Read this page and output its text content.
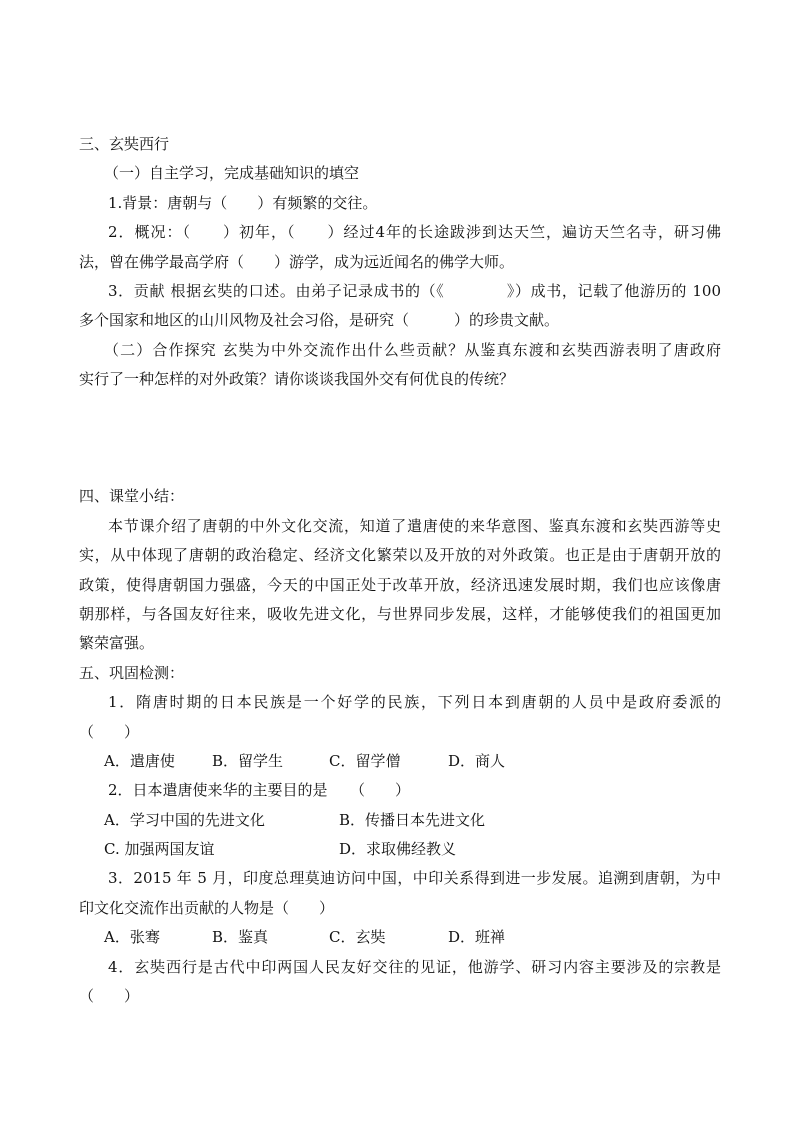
三、玄奘西行
（一）自主学习，完成基础知识的填空
1.背景：唐朝与（　　）有频繁的交往。
2．概况：（　　）初年，（　　）经过4年的长途跋涉到达天竺，遍访天竺名寺，研习佛
法，曾在佛学最高学府（　　）游学，成为远近闻名的佛学大师。
3．贡献 根据玄奘的口述。由弟子记录成书的（《　　　　》）成书，记载了他游历的 100
多个国家和地区的山川风物及社会习俗，是研究（　　　）的珍贵文献。
（二）合作探究 玄奘为中外交流作出什么些贡献？从鉴真东渡和玄奘西游表明了唐政府
实行了一种怎样的对外政策？请你谈谈我国外交有何优良的传统？
四、课堂小结：
本节课介绍了唐朝的中外文化交流，知道了遣唐使的来华意图、鉴真东渡和玄奘西游等史
实，从中体现了唐朝的政治稳定、经济文化繁荣以及开放的对外政策。也正是由于唐朝开放的
政策，使得唐朝国力强盛，今天的中国正处于改革开放，经济迅速发展时期，我们也应该像唐
朝那样，与各国友好往来，吸收先进文化，与世界同步发展，这样，才能够使我们的祖国更加
繁荣富强。
五、巩固检测：
1．隋唐时期的日本民族是一个好学的民族，下列日本到唐朝的人员中是政府委派的
（　　）
A．遣唐使 B．留学生	C．留学僧	D．商人
2．日本遣唐使来华的主要目的是　　（　　）
A．学习中国的先进文化	B．传播日本先进文化
C. 加强两国友谊	D．求取佛经教义
3．2015 年 5 月，印度总理莫迪访问中国，中印关系得到进一步发展。追溯到唐朝，为中
印文化交流作出贡献的人物是（　　）
A．张骞	B．鉴真	C．玄奘	D．班禅
4．玄奘西行是古代中印两国人民友好交往的见证，他游学、研习内容主要涉及的宗教是
（　　）
